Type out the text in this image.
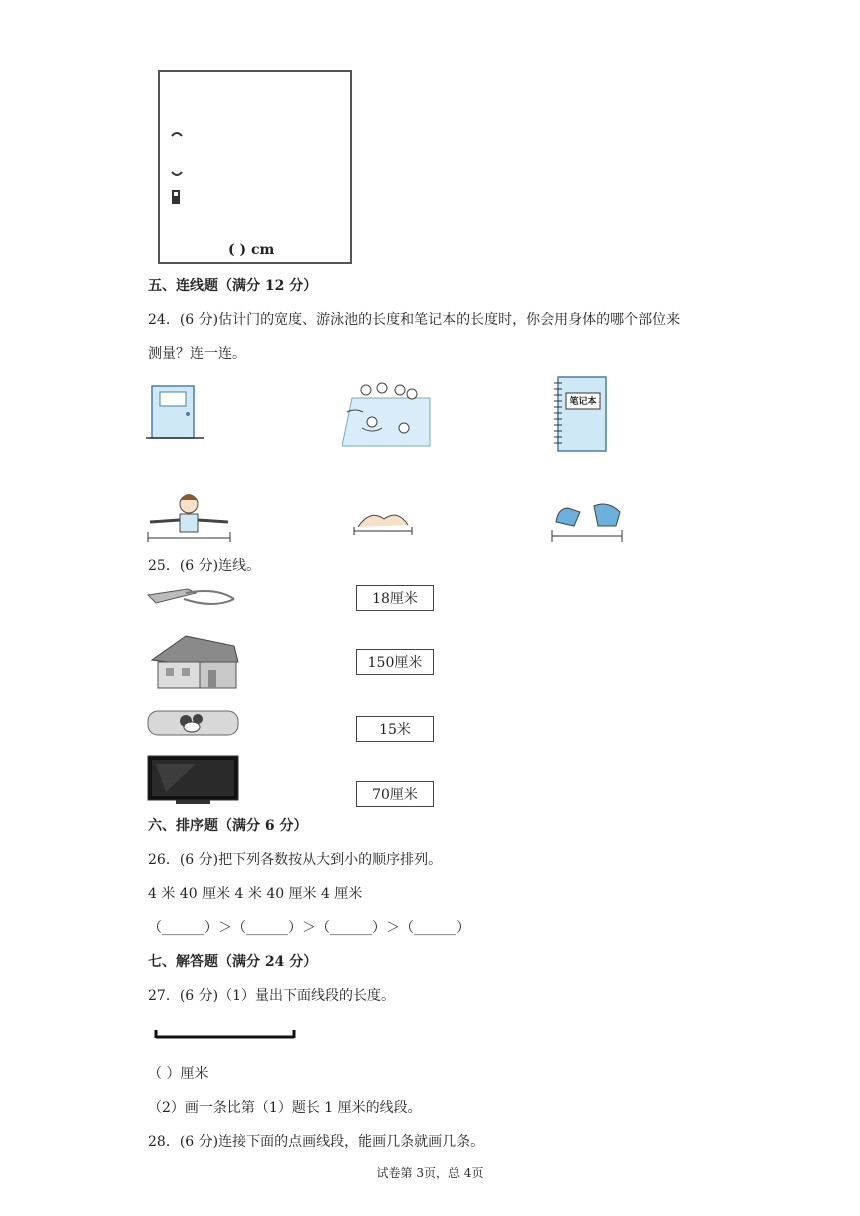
( ) cm
五、连线题（满分 12 分）
24．(6 分)估计门的宽度、游泳池的长度和笔记本的长度时，你会用身体的哪个部位来
测量？连一连。
笔记本
25．(6 分)连线。
18厘米
150厘米
15米
70厘米
六、排序题（满分 6 分）
26．(6 分)把下列各数按从大到小的顺序排列。
4 米 40 厘米 4 米 40 厘米 4 厘米
（______）＞（______）＞（______）＞（______）
七、解答题（满分 24 分）
27．(6 分)（1）量出下面线段的长度。
（ ）厘米
（2）画一条比第（1）题长 1 厘米的线段。
28．(6 分)连接下面的点画线段，能画几条就画几条。
试卷第 3页，总 4页
